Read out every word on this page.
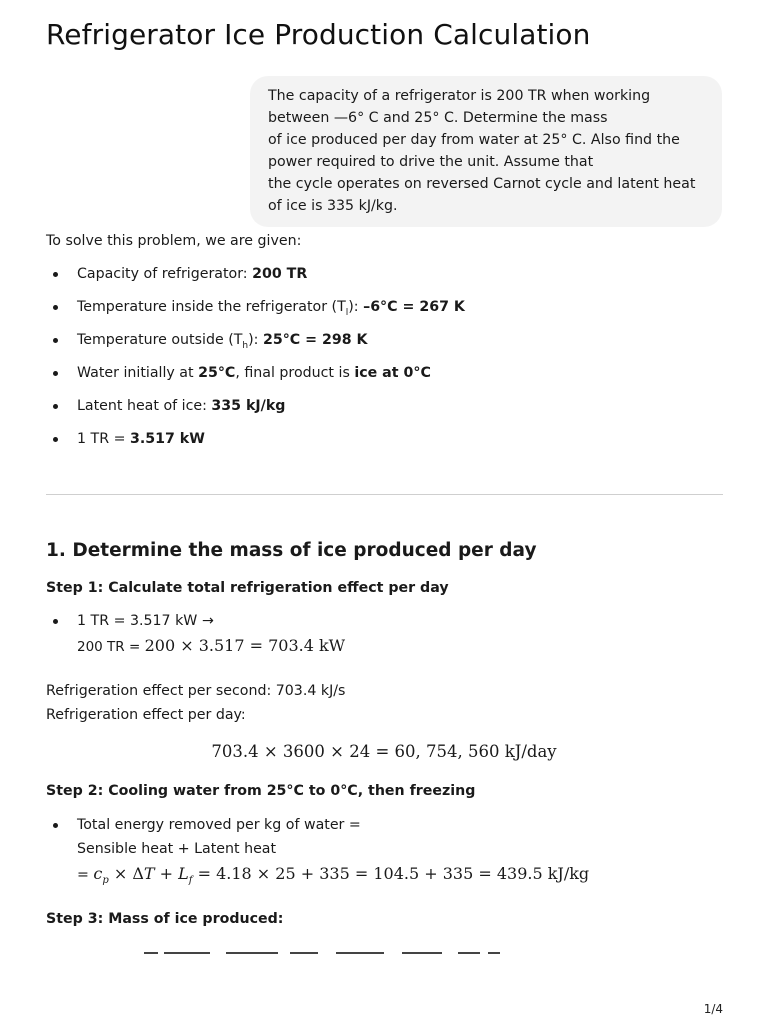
Refrigerator Ice Production Calculation
The capacity of a refrigerator is 200 TR when working
between —6° C and 25° C. Determine the mass
of ice produced per day from water at 25° C. Also find the
power required to drive the unit. Assume that
the cycle operates on reversed Carnot cycle and latent heat
of ice is 335 kJ/kg.
To solve this problem, we are given:
Capacity of refrigerator: 200 TR
Temperature inside the refrigerator $(T_l)$: –6°C = 267 K
Temperature outside $(T_h)$: 25°C = 298 K
Water initially at 25°C, final product is ice at 0°C
Latent heat of ice: 335 kJ/kg
1 TR = 3.517 kW
1. Determine the mass of ice produced per day
Step 1: Calculate total refrigeration effect per day
1 TR = 3.517 kW →
200 TR = 200 × 3.517 = 703.4 kW
Refrigeration effect per second: 703.4 kJ/s
Refrigeration effect per day:
703.4 × 3600 × 24 = 60, 754, 560 kJ/day
Step 2: Cooling water from 25°C to 0°C, then freezing
Total energy removed per kg of water =
Sensible heat + Latent heat
= $c_p \times \Delta T + L_f = 4.18 \times 25 + 335 = 104.5 + 335 = 439.5$ kJ/kg
Step 3: Mass of ice produced:
1/4
